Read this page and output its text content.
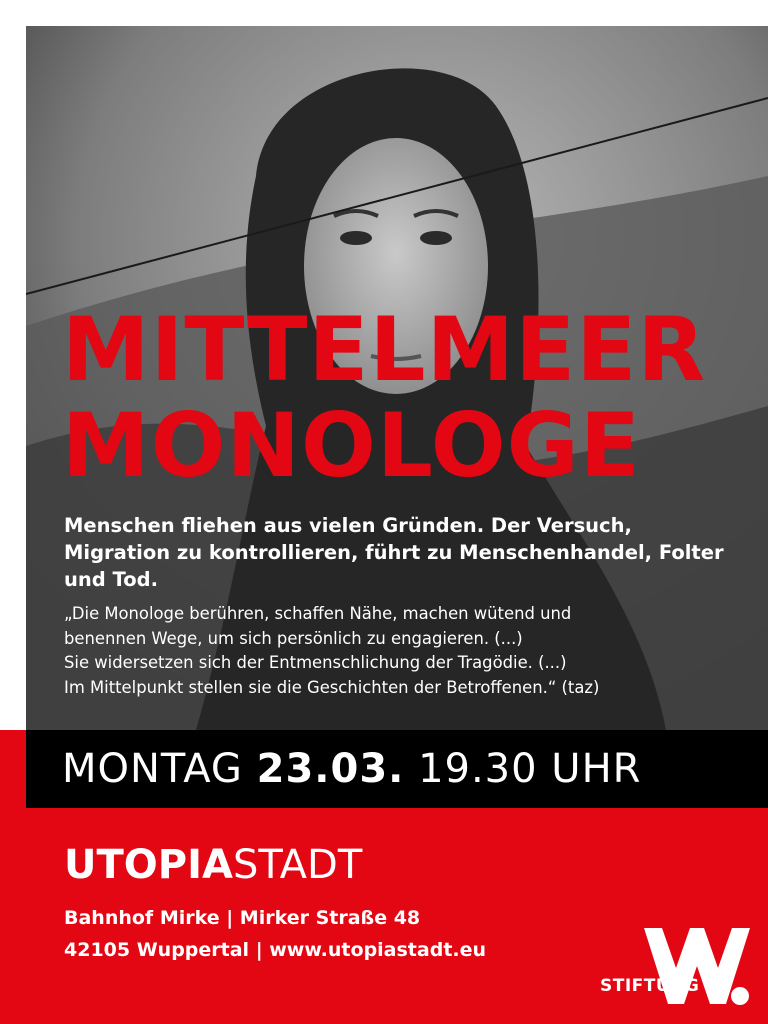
MITTELMEER
MONOLOGE
Menschen fliehen aus vielen Gründen. Der Versuch, Migration zu kontrollieren, führt zu Menschenhandel, Folter und Tod.
„Die Monologe berühren, schaffen Nähe, machen wütend und
benennen Wege, um sich persönlich zu engagieren. (...)
Sie widersetzen sich der Entmenschlichung der Tragödie. (...)
Im Mittelpunkt stellen sie die Geschichten der Betroffenen.“ (taz)
MONTAG 23.03. 19.30 UHR
UTOPIASTADT
Bahnhof Mirke | Mirker Straße 48
42105 Wuppertal | www.utopiastadt.eu
STIFTUNG
